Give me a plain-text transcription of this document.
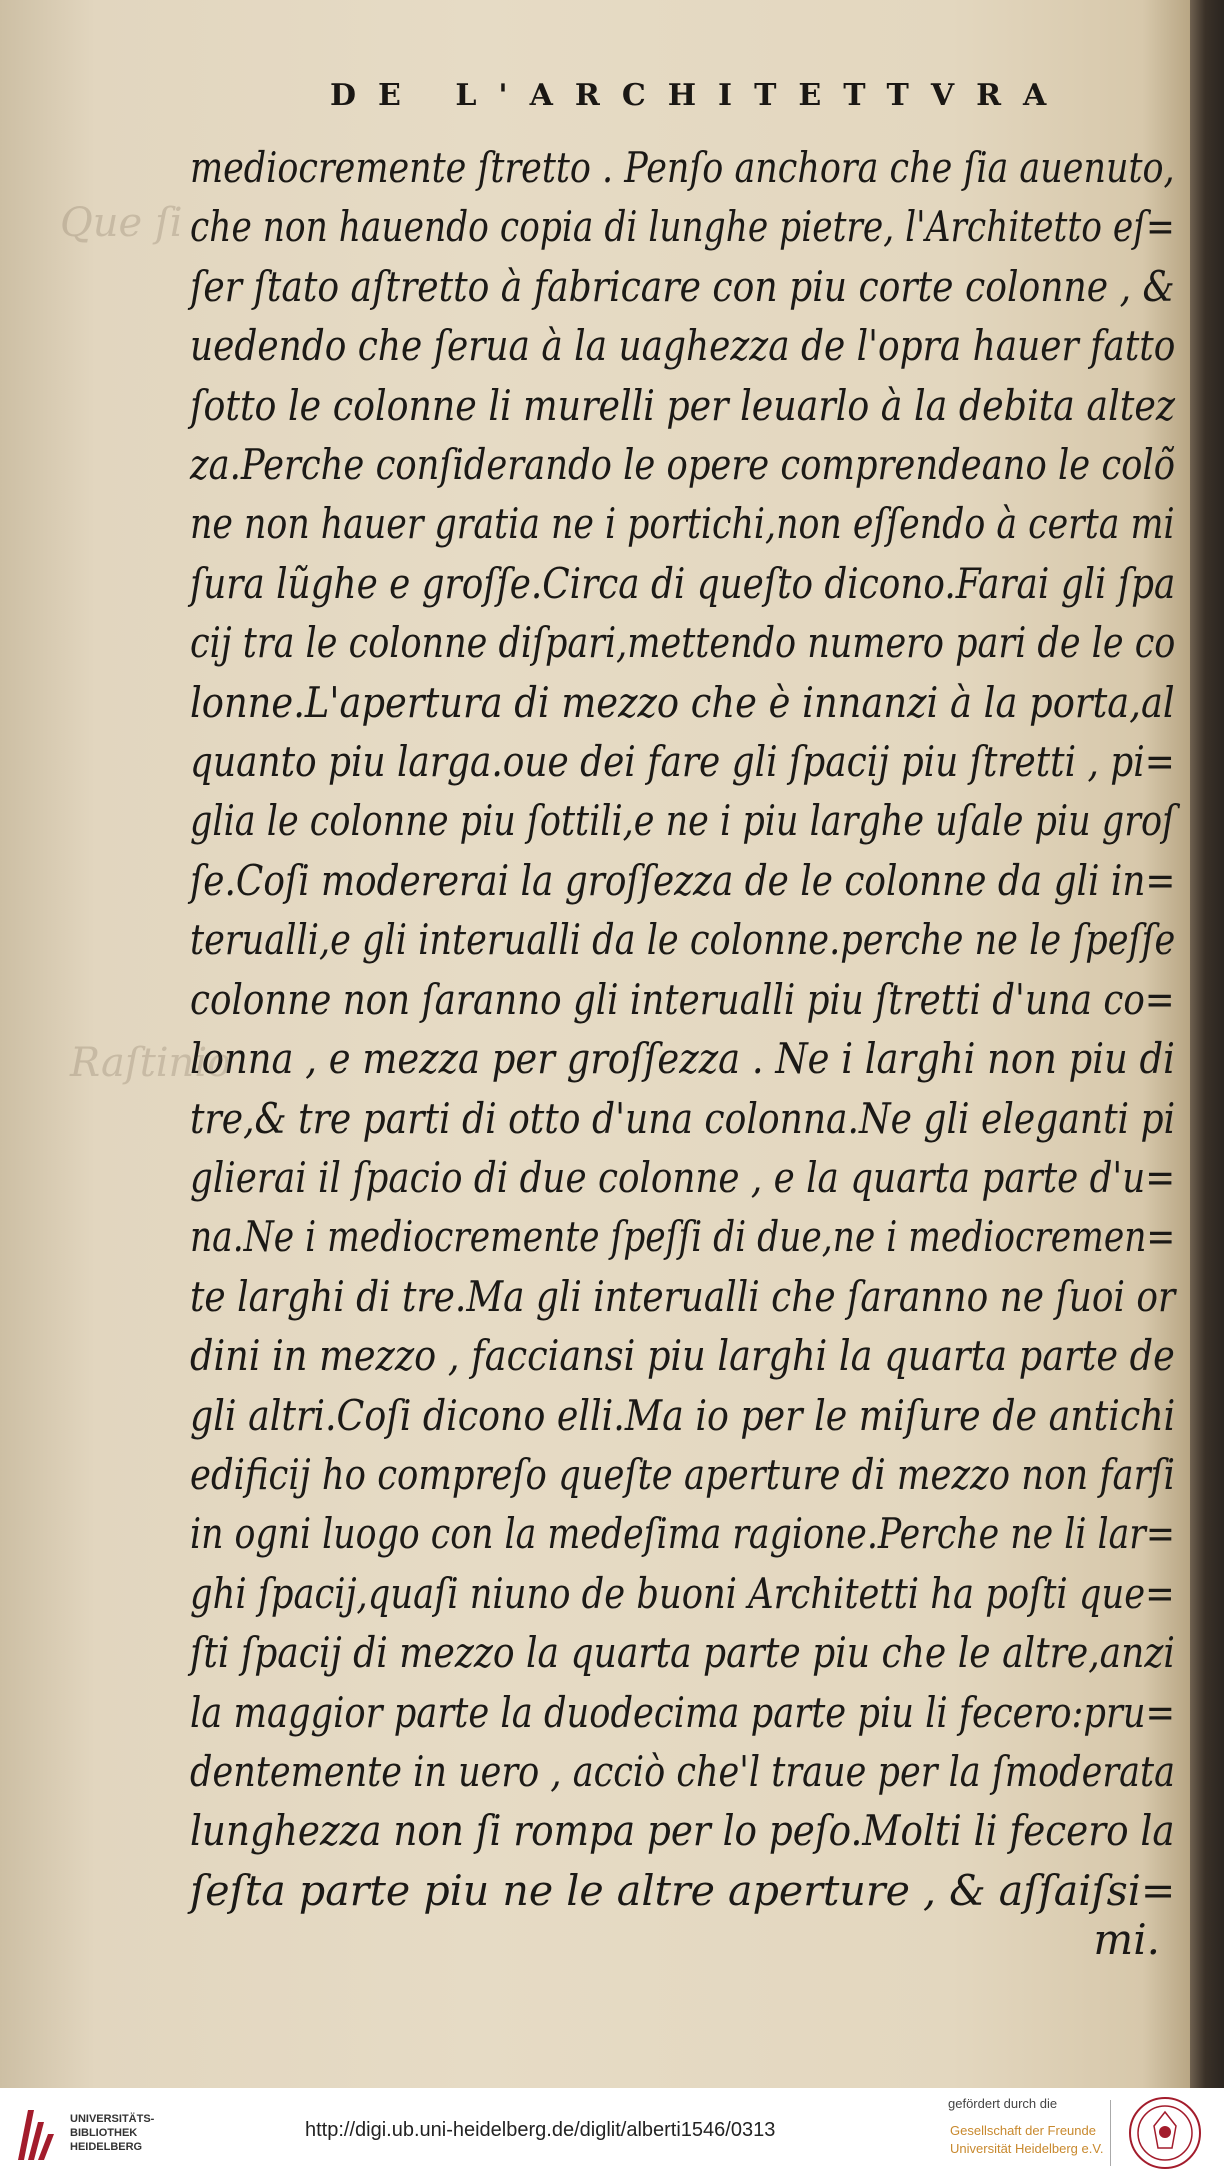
Que ſi
Raſtinio
DE L'ARCHITETTVRA
mediocremente ſtretto . Penſo anchora che ſia auenuto,
che non hauendo copia di lunghe pietre, l'Architetto eſ=
ſer ſtato aſtretto à fabricare con piu corte colonne , &
uedendo che ſerua à la uaghezza de l'opra hauer fatto
ſotto le colonne li murelli per leuarlo à la debita altez
za.Perche conſiderando le opere comprendeano le colõ
ne non hauer gratia ne i portichi,non eſſendo à certa mi
ſura lũghe e groſſe.Circa di queſto dicono.Farai gli ſpa
cij tra le colonne diſpari,mettendo numero pari de le co
lonne.L'apertura di mezzo che è innanzi à la porta,al
quanto piu larga.oue dei fare gli ſpacij piu ſtretti , pi=
glia le colonne piu ſottili,e ne i piu larghe uſale piu groſ
ſe.Coſi modererai la groſſezza de le colonne da gli in=
terualli,e gli interualli da le colonne.perche ne le ſpeſſe
colonne non ſaranno gli interualli piu ſtretti d'una co=
lonna , e mezza per groſſezza . Ne i larghi non piu di
tre,& tre parti di otto d'una colonna.Ne gli eleganti pi
glierai il ſpacio di due colonne , e la quarta parte d'u=
na.Ne i mediocremente ſpeſſi di due,ne i mediocremen=
te larghi di tre.Ma gli interualli che ſaranno ne ſuoi or
dini in mezzo , facciansi piu larghi la quarta parte de
gli altri.Coſi dicono elli.Ma io per le miſure de antichi
edificij ho compreſo queſte aperture di mezzo non farſi
in ogni luogo con la medeſima ragione.Perche ne li lar=
ghi ſpacij,quaſi niuno de buoni Architetti ha poſti que=
ſti ſpacij di mezzo la quarta parte piu che le altre,anzi
la maggior parte la duodecima parte piu li fecero:pru=
dentemente in uero , acciò che'l traue per la ſmoderata
lunghezza non ſi rompa per lo peſo.Molti li fecero la
ſeſta parte piu ne le altre aperture , & aſſaiſsi=
mi.
UNIVERSITÄTS-
BIBLIOTHEK
HEIDELBERG
http://digi.ub.uni-heidelberg.de/diglit/alberti1546/0313
gefördert durch die
Gesellschaft der Freunde
Universität Heidelberg e.V.
